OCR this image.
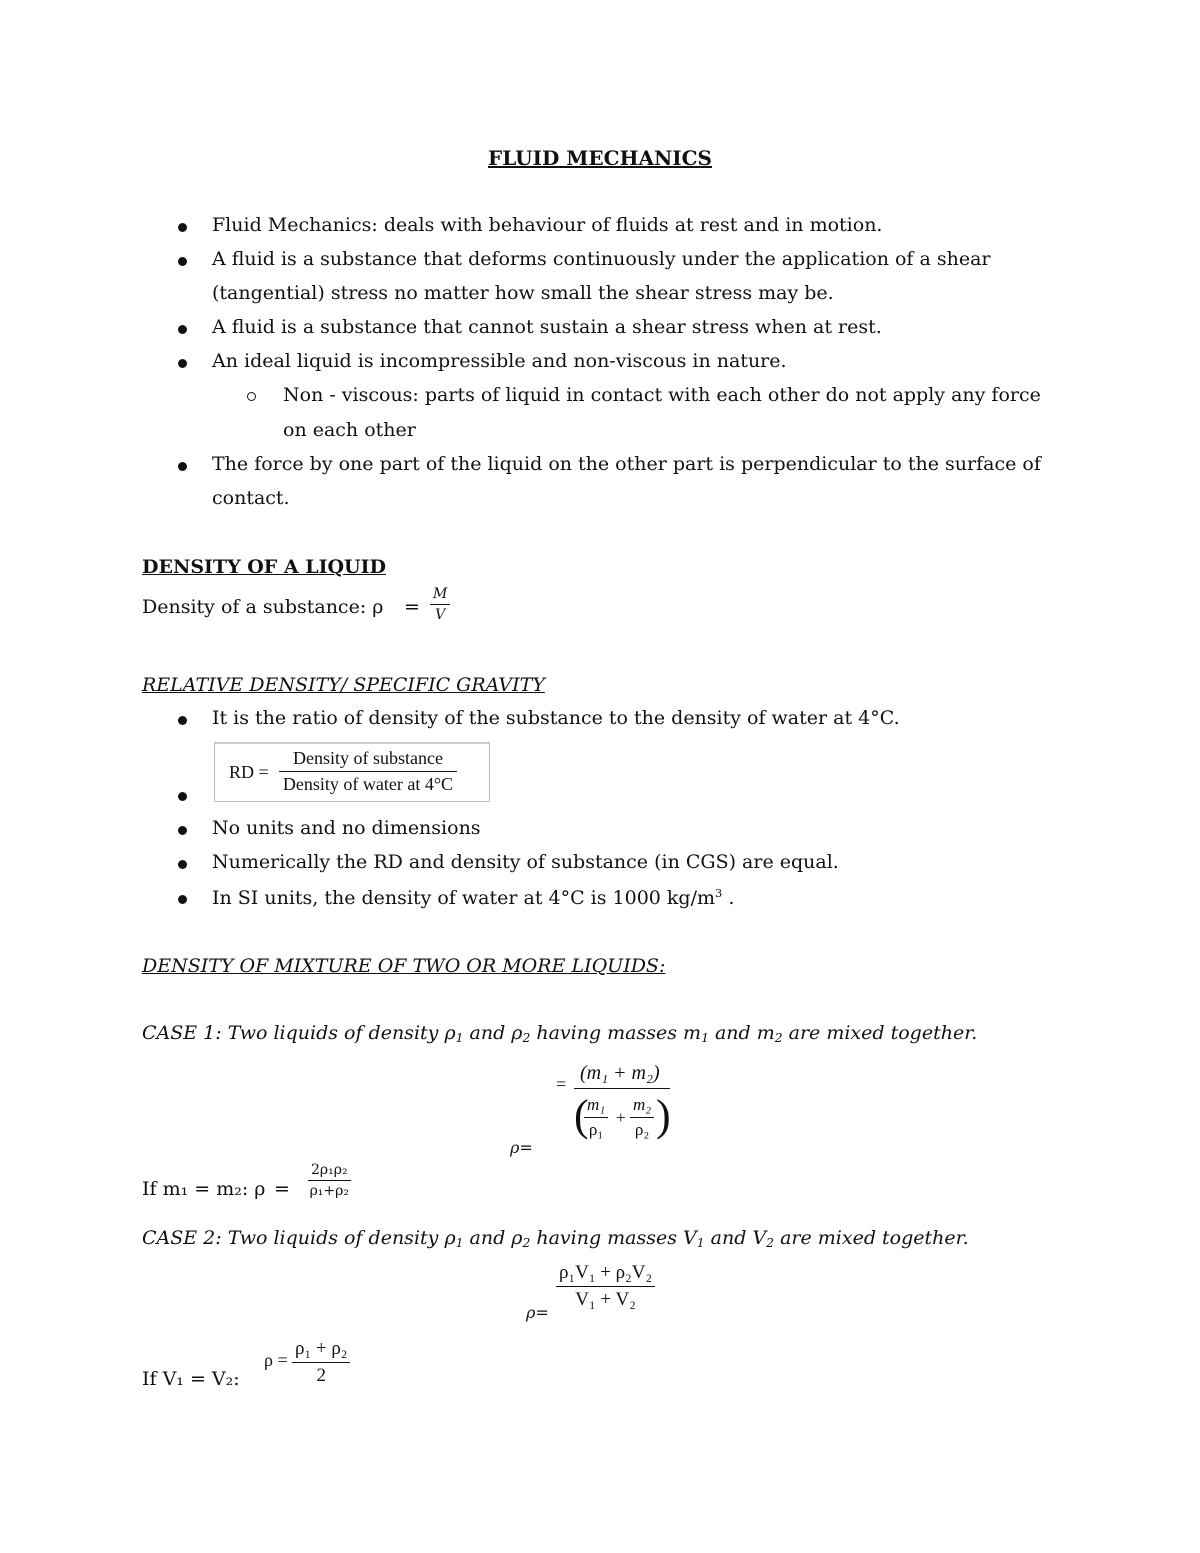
FLUID MECHANICS
Fluid Mechanics: deals with behaviour of fluids at rest and in motion.
A fluid is a substance that deforms continuously under the application of a shear
(tangential) stress no matter how small the shear stress may be.
A fluid is a substance that cannot sustain a shear stress when at rest.
An ideal liquid is incompressible and non-viscous in nature.
Non - viscous: parts of liquid in contact with each other do not apply any force
on each other
The force by one part of the liquid on the other part is perpendicular to the surface of
contact.
DENSITY OF A LIQUID
Density of a substance: $\rho = \frac{M}{V}$
RELATIVE DENSITY/ SPECIFIC GRAVITY
It is the ratio of density of the substance to the density of water at 4°C.
RD =
Density of substance
Density of water at 4°C
No units and no dimensions
Numerically the RD and density of substance (in CGS) are equal.
In SI units, the density of water at 4°C is 1000 $kg/m^3$ .
DENSITY OF MIXTURE OF TWO OR MORE LIQUIDS:
CASE 1: Two liquids of density $\rho_1$ and $\rho_2$ having masses $m_1$ and $m_2$ are mixed together.
= (m₁ + m₂)
( )
$\frac{\text{m₁}}{\text{ρ₁}} + \frac{\text{m₂}}{\text{ρ₂}}$
ρ=
If m₁ = m₂: $\rho = \frac{\text{2ρ₁ρ₂}}{\text{ρ₁+ρ₂}}$
CASE 2: Two liquids of density $\rho_1$ and $\rho_2$ having masses $V_1$ and $V_2$ are mixed together.
$\frac{\text{ρ₁V₁ + ρ₂V₂}}{\text{V₁ + V₂}}$
ρ=
If V₁ = V₂:
$\rho = \frac{\text{ρ₁ + ρ₂}}{2}$
